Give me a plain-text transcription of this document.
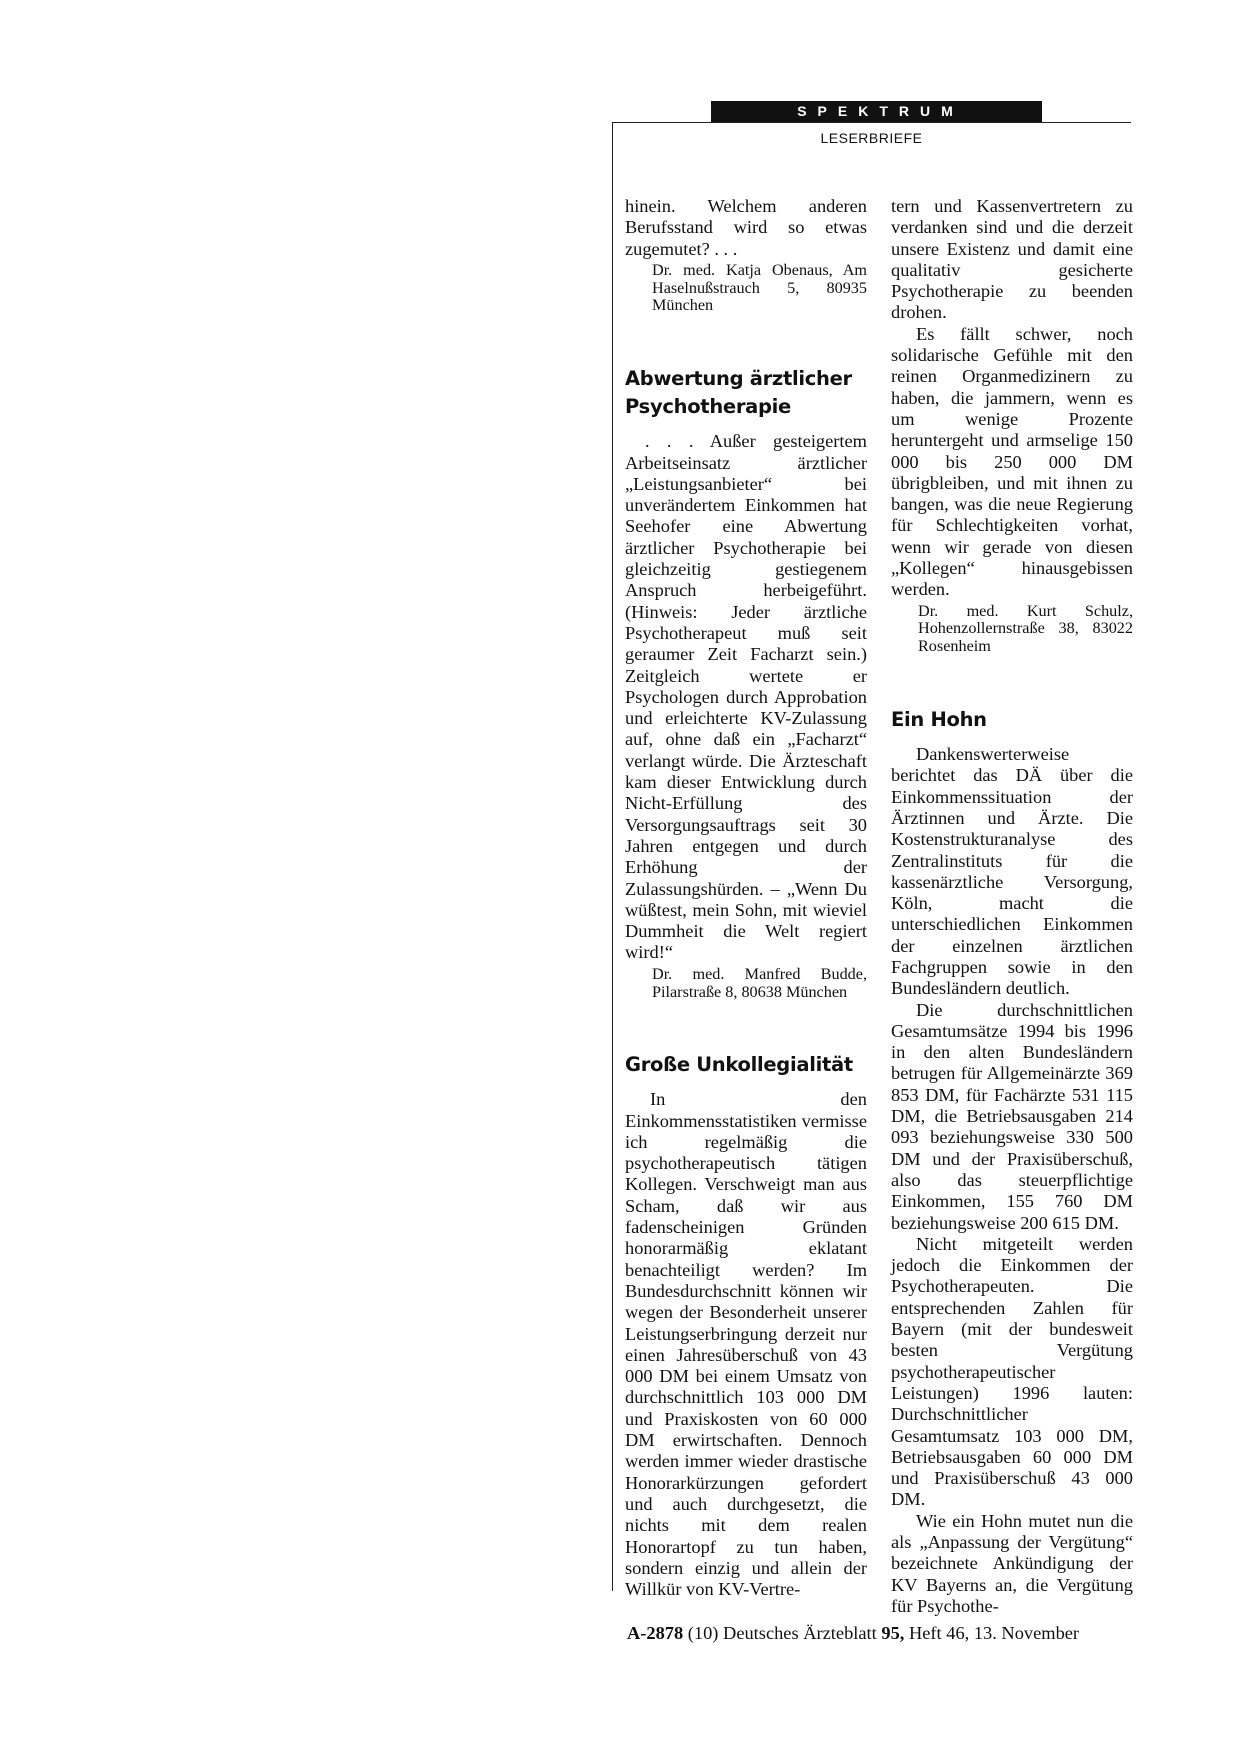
SPEKTRUM
LESERBRIEFE

hinein. Welchem anderen Berufsstand wird so etwas zugemutet? . . .

Dr. med. Katja Obenaus, Am Haselnußstrauch 5, 80935 München

Abwertung ärztlicher Psychotherapie

. . . Außer gesteigertem Arbeitseinsatz ärztlicher „Leistungsanbieter“ bei unverändertem Einkommen hat Seehofer eine Abwertung ärztlicher Psychotherapie bei gleichzeitig gestiegenem Anspruch herbeigeführt. (Hinweis: Jeder ärztliche Psychotherapeut muß seit geraumer Zeit Facharzt sein.) Zeitgleich wertete er Psychologen durch Approbation und erleichterte KV-Zulassung auf, ohne daß ein „Facharzt“ verlangt würde. Die Ärzteschaft kam dieser Entwicklung durch Nicht-Erfüllung des Versorgungsauftrags seit 30 Jahren entgegen und durch Erhöhung der Zulassungshürden. – „Wenn Du wüßtest, mein Sohn, mit wieviel Dummheit die Welt regiert wird!“

Dr. med. Manfred Budde, Pilarstraße 8, 80638 München

Große Unkollegialität

In den Einkommensstatistiken vermisse ich regelmäßig die psychotherapeutisch tätigen Kollegen. Verschweigt man aus Scham, daß wir aus fadenscheinigen Gründen honorarmäßig eklatant benachteiligt werden? Im Bundesdurchschnitt können wir wegen der Besonderheit unserer Leistungserbringung derzeit nur einen Jahresüberschuß von 43 000 DM bei einem Umsatz von durchschnittlich 103 000 DM und Praxiskosten von 60 000 DM erwirtschaften. Dennoch werden immer wieder drastische Honorarkürzungen gefordert und auch durchgesetzt, die nichts mit dem realen Honorartopf zu tun haben, sondern einzig und allein der Willkür von KV-Vertre-

tern und Kassenvertretern zu verdanken sind und die derzeit unsere Existenz und damit eine qualitativ gesicherte Psychotherapie zu beenden drohen.

Es fällt schwer, noch solidarische Gefühle mit den reinen Organmedizinern zu haben, die jammern, wenn es um wenige Prozente heruntergeht und armselige 150 000 bis 250 000 DM übrigbleiben, und mit ihnen zu bangen, was die neue Regierung für Schlechtigkeiten vorhat, wenn wir gerade von diesen „Kollegen“ hinausgebissen werden.

Dr. med. Kurt Schulz, Hohenzollernstraße 38, 83022 Rosenheim

Ein Hohn

Dankenswerterweise berichtet das DÄ über die Einkommenssituation der Ärztinnen und Ärzte. Die Kostenstrukturanalyse des Zentralinstituts für die kassenärztliche Versorgung, Köln, macht die unterschiedlichen Einkommen der einzelnen ärztlichen Fachgruppen sowie in den Bundesländern deutlich.

Die durchschnittlichen Gesamtumsätze 1994 bis 1996 in den alten Bundesländern betrugen für Allgemeinärzte 369 853 DM, für Fachärzte 531 115 DM, die Betriebsausgaben 214 093 beziehungsweise 330 500 DM und der Praxisüberschuß, also das steuerpflichtige Einkommen, 155 760 DM beziehungsweise 200 615 DM.

Nicht mitgeteilt werden jedoch die Einkommen der Psychotherapeuten. Die entsprechenden Zahlen für Bayern (mit der bundesweit besten Vergütung psychotherapeutischer Leistungen) 1996 lauten: Durchschnittlicher Gesamtumsatz 103 000 DM, Betriebsausgaben 60 000 DM und Praxisüberschuß 43 000 DM.

Wie ein Hohn mutet nun die als „Anpassung der Vergütung“ bezeichnete Ankündigung der KV Bayerns an, die Vergütung für Psychothe-

A-2878 (10) Deutsches Ärzteblatt 95, Heft 46, 13. November
